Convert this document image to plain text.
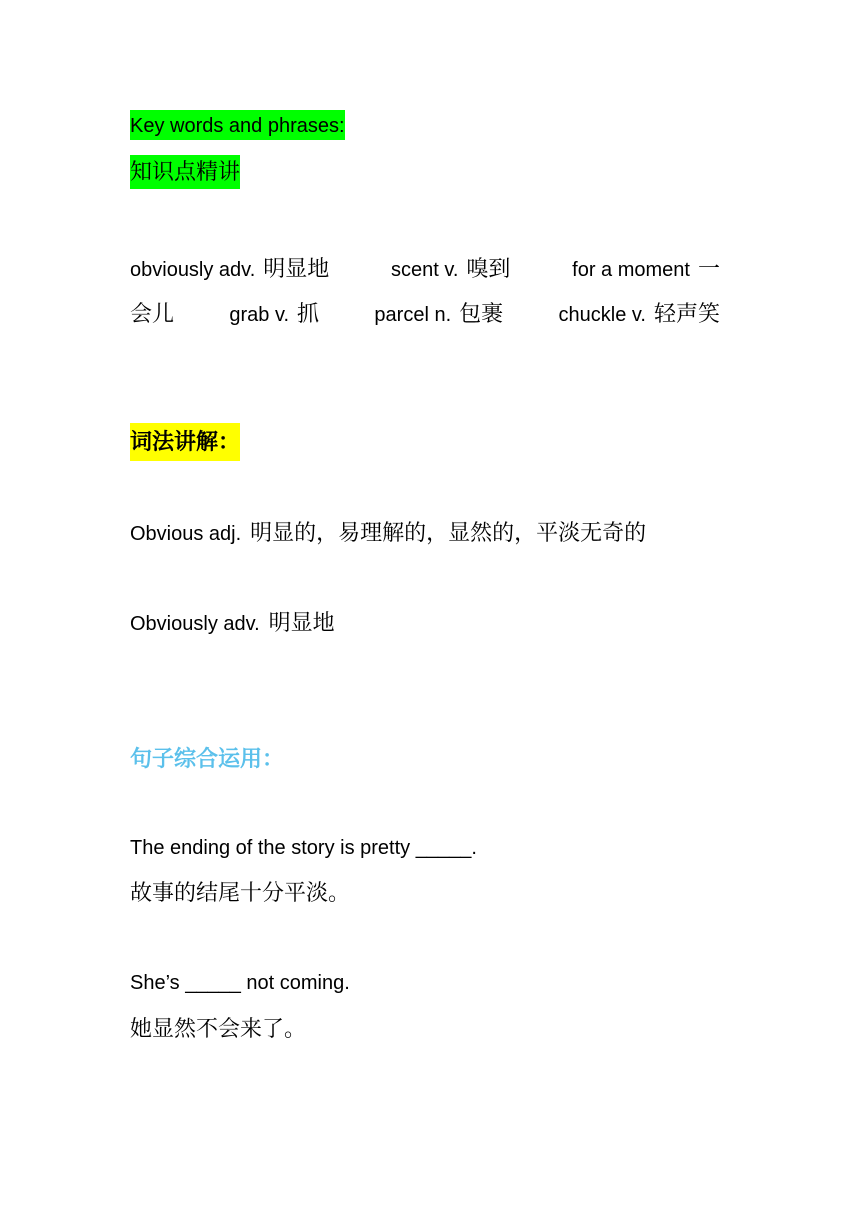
Key words and phrases:
知识点精讲
obviously adv. 明显地	scent v. 嗅到	for a moment 一
会儿	grab v. 抓	parcel n. 包裹	chuckle v. 轻声笑
词法讲解：
Obvious adj. 明显的，易理解的，显然的，平淡无奇的
Obviously adv. 明显地
句子综合运用：
The ending of the story is pretty _____.
故事的结尾十分平淡。
She’s _____ not coming.
她显然不会来了。
